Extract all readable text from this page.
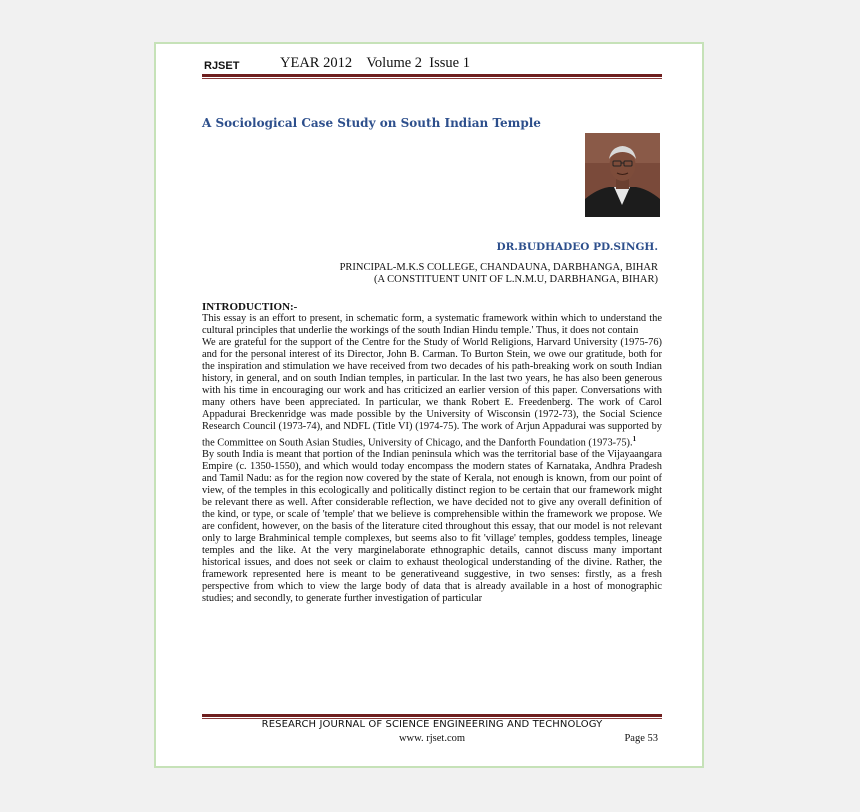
RJSET	YEAR 2012    Volume 2  Issue 1
A Sociological Case Study on South Indian Temple
DR.BUDHADEO PD.SINGH.
PRINCIPAL-M.K.S COLLEGE, CHANDAUNA, DARBHANGA, BIHAR
(A CONSTITUENT UNIT OF L.N.M.U, DARBHANGA, BIHAR)

INTRODUCTION:-

This essay is an effort to present, in schematic form, a systematic framework within which to understand the cultural principles that underlie the workings of the south Indian Hindu temple.' Thus, it does not contain

We are grateful for the support of the Centre for the Study of World Religions, Harvard University (1975-76) and for the personal interest of its Director, John B. Carman. To Burton Stein, we owe our gratitude, both for the inspiration and stimulation we have received from two decades of his path-breaking work on south Indian history, in general, and on south Indian temples, in particular. In the last two years, he has also been generous with his time in encouraging our work and has criticized an earlier version of this paper. Conversations with many others have been appreciated. In particular, we thank Robert E. Freedenberg. The work of Carol Appadurai Breckenridge was made possible by the University of Wisconsin (1972-73), the Social Science Research Council (1973-74), and NDFL (Title VI) (1974-75). The work of Arjun Appadurai was supported by the Committee on South Asian Studies, University of Chicago, and the Danforth Foundation (1973-75).$^1$

By south India is meant that portion of the Indian peninsula which was the territorial base of the Vijayaangara Empire (c. 1350-1550), and which would today encompass the modern states of Karnataka, Andhra Pradesh and Tamil Nadu: as for the region now covered by the state of Kerala, not enough is known, from our point of view, of the temples in this ecologically and politically distinct region to be certain that our framework might be relevant there as well. After considerable reflection, we have decided not to give any overall definition of the kind, or type, or scale of 'temple' that we believe is comprehensible within the framework we propose. We are confident, however, on the basis of the literature cited throughout this essay, that our model is not relevant only to large Brahminical temple complexes, but seems also to fit 'village' temples, goddess temples, lineage temples and the like. At the very marginelaborate ethnographic details, cannot discuss many important historical issues, and does not seek or claim to exhaust theological understanding of the divine. Rather, the framework represented here is meant to be generativeand suggestive, in two senses: firstly, as a fresh perspective from which to view the large body of data that is already available in a host of monographic studies; and secondly, to generate further investigation of particular

RESEARCH JOURNAL OF SCIENCE ENGINEERING AND TECHNOLOGY
www. rjset.com	Page 53
